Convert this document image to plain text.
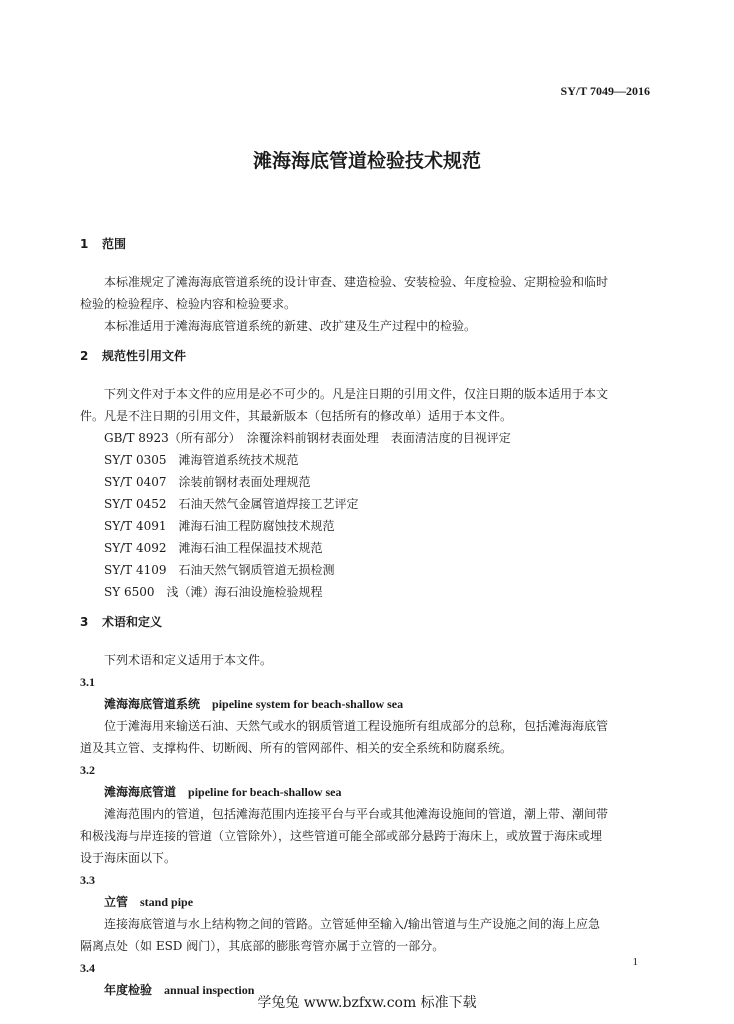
SY/T 7049—2016
滩海海底管道检验技术规范
1 范围
本标准规定了滩海海底管道系统的设计审查、建造检验、安装检验、年度检验、定期检验和临时
检验的检验程序、检验内容和检验要求。
本标准适用于滩海海底管道系统的新建、改扩建及生产过程中的检验。
2 规范性引用文件
下列文件对于本文件的应用是必不可少的。凡是注日期的引用文件，仅注日期的版本适用于本文
件。凡是不注日期的引用文件，其最新版本（包括所有的修改单）适用于本文件。
GB/T 8923（所有部分）　涂覆涂料前钢材表面处理　表面清洁度的目视评定
SY/T 0305　滩海管道系统技术规范
SY/T 0407　涂装前钢材表面处理规范
SY/T 0452　石油天然气金属管道焊接工艺评定
SY/T 4091　滩海石油工程防腐蚀技术规范
SY/T 4092　滩海石油工程保温技术规范
SY/T 4109　石油天然气钢质管道无损检测
SY 6500　浅（滩）海石油设施检验规程
3 术语和定义
下列术语和定义适用于本文件。
3.1
滩海海底管道系统 pipeline system for beach-shallow sea
位于滩海用来输送石油、天然气或水的钢质管道工程设施所有组成部分的总称，包括滩海海底管
道及其立管、支撑构件、切断阀、所有的管网部件、相关的安全系统和防腐系统。
3.2
滩海海底管道 pipeline for beach-shallow sea
滩海范围内的管道，包括滩海范围内连接平台与平台或其他滩海设施间的管道，潮上带、潮间带
和极浅海与岸连接的管道（立管除外），这些管道可能全部或部分悬跨于海床上，或放置于海床或埋
设于海床面以下。
3.3
立管 stand pipe
连接海底管道与水上结构物之间的管路。立管延伸至输入/输出管道与生产设施之间的海上应急
隔离点处（如 ESD 阀门），其底部的膨胀弯管亦属于立管的一部分。
3.4
年度检验 annual inspection
1
学兔兔 www.bzfxw.com 标准下载
